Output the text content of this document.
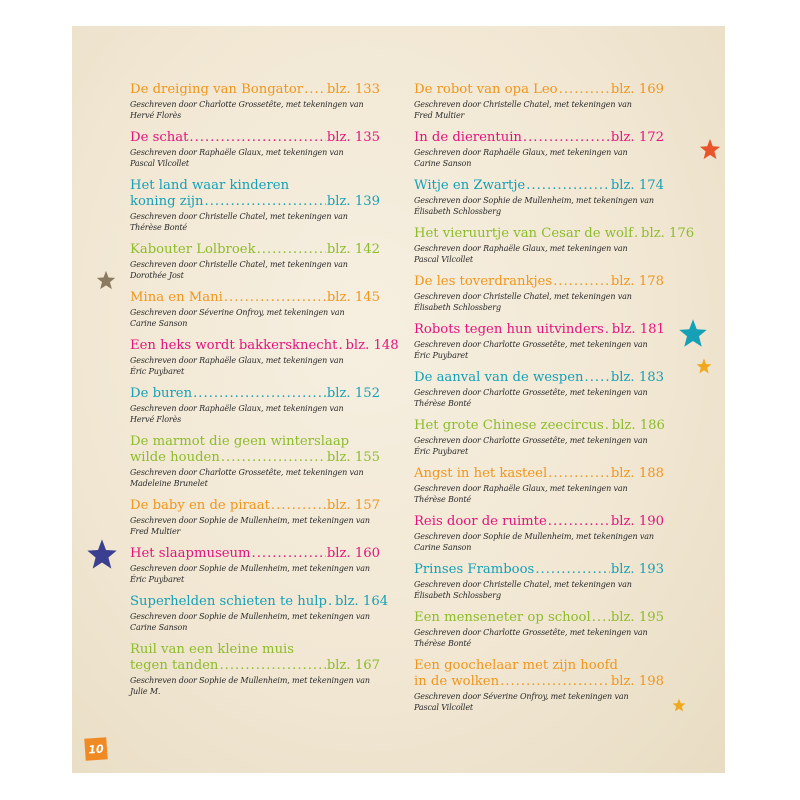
De dreiging van Bongator ..... blz. 133
Geschreven door Charlotte Grossetête, met tekeningen van
Hervé Florès
De schat .....	blz. 135
Geschreven door Raphaële Glaux, met tekeningen van
Pascal Vilcollet
Het land waar kinderen
koning zijn .....	blz. 139
Geschreven door Christelle Chatel, met tekeningen van
Thérèse Bonté
Kabouter Lolbroek .....	blz. 142
Geschreven door Christelle Chatel, met tekeningen van
Dorothée Jost
Mina en Mani .....	blz. 145
Geschreven door Séverine Onfroy, met tekeningen van
Carine Sanson
Een heks wordt bakkersknecht ..... blz. 148
Geschreven door Raphaële Glaux, met tekeningen van
Éric Puybaret
De buren .....	blz. 152
Geschreven door Raphaële Glaux, met tekeningen van
Hervé Florès
De marmot die geen winterslaap
wilde houden .....	blz. 155
Geschreven door Charlotte Grossetête, met tekeningen van
Madeleine Brunelet
De baby en de piraat .....	blz. 157
Geschreven door Sophie de Mullenheim, met tekeningen van
Fred Multier
Het slaapmuseum .....	blz. 160
Geschreven door Sophie de Mullenheim, met tekeningen van
Éric Puybaret
Superhelden schieten te hulp ..... blz. 164
Geschreven door Sophie de Mullenheim, met tekeningen van
Carine Sanson
Ruil van een kleine muis
tegen tanden .....	blz. 167
Geschreven door Sophie de Mullenheim, met tekeningen van
Julie M.
De robot van opa Leo .....	blz. 169
Geschreven door Christelle Chatel, met tekeningen van
Fred Multier
In de dierentuin .....	blz. 172
Geschreven door Raphaële Glaux, met tekeningen van
Carine Sanson
Witje en Zwartje .....	blz. 174
Geschreven door Sophie de Mullenheim, met tekeningen van
Élisabeth Schlossberg
Het vieruurtje van Cesar de wolf ..... blz. 176
Geschreven door Raphaële Glaux, met tekeningen van
Pascal Vilcollet
De les toverdrankjes .....	blz. 178
Geschreven door Christelle Chatel, met tekeningen van
Élisabeth Schlossberg
Robots tegen hun uitvinders ..... blz. 181
Geschreven door Charlotte Grossetête, met tekeningen van
Éric Puybaret
De aanval van de wespen ..... blz. 183
Geschreven door Charlotte Grossetête, met tekeningen van
Thérèse Bonté
Het grote Chinese zeecircus ..... blz. 186
Geschreven door Charlotte Grossetête, met tekeningen van
Éric Puybaret
Angst in het kasteel .....	blz. 188
Geschreven door Raphaële Glaux, met tekeningen van
Thérèse Bonté
Reis door de ruimte .....	blz. 190
Geschreven door Sophie de Mullenheim, met tekeningen van
Carine Sanson
Prinses Framboos .....	blz. 193
Geschreven door Christelle Chatel, met tekeningen van
Élisabeth Schlossberg
Een menseneter op school ..... blz. 195
Geschreven door Charlotte Grossetête, met tekeningen van
Thérèse Bonté
Een goochelaar met zijn hoofd
in de wolken .....	blz. 198
Geschreven door Séverine Onfroy, met tekeningen van
Pascal Vilcollet
10
